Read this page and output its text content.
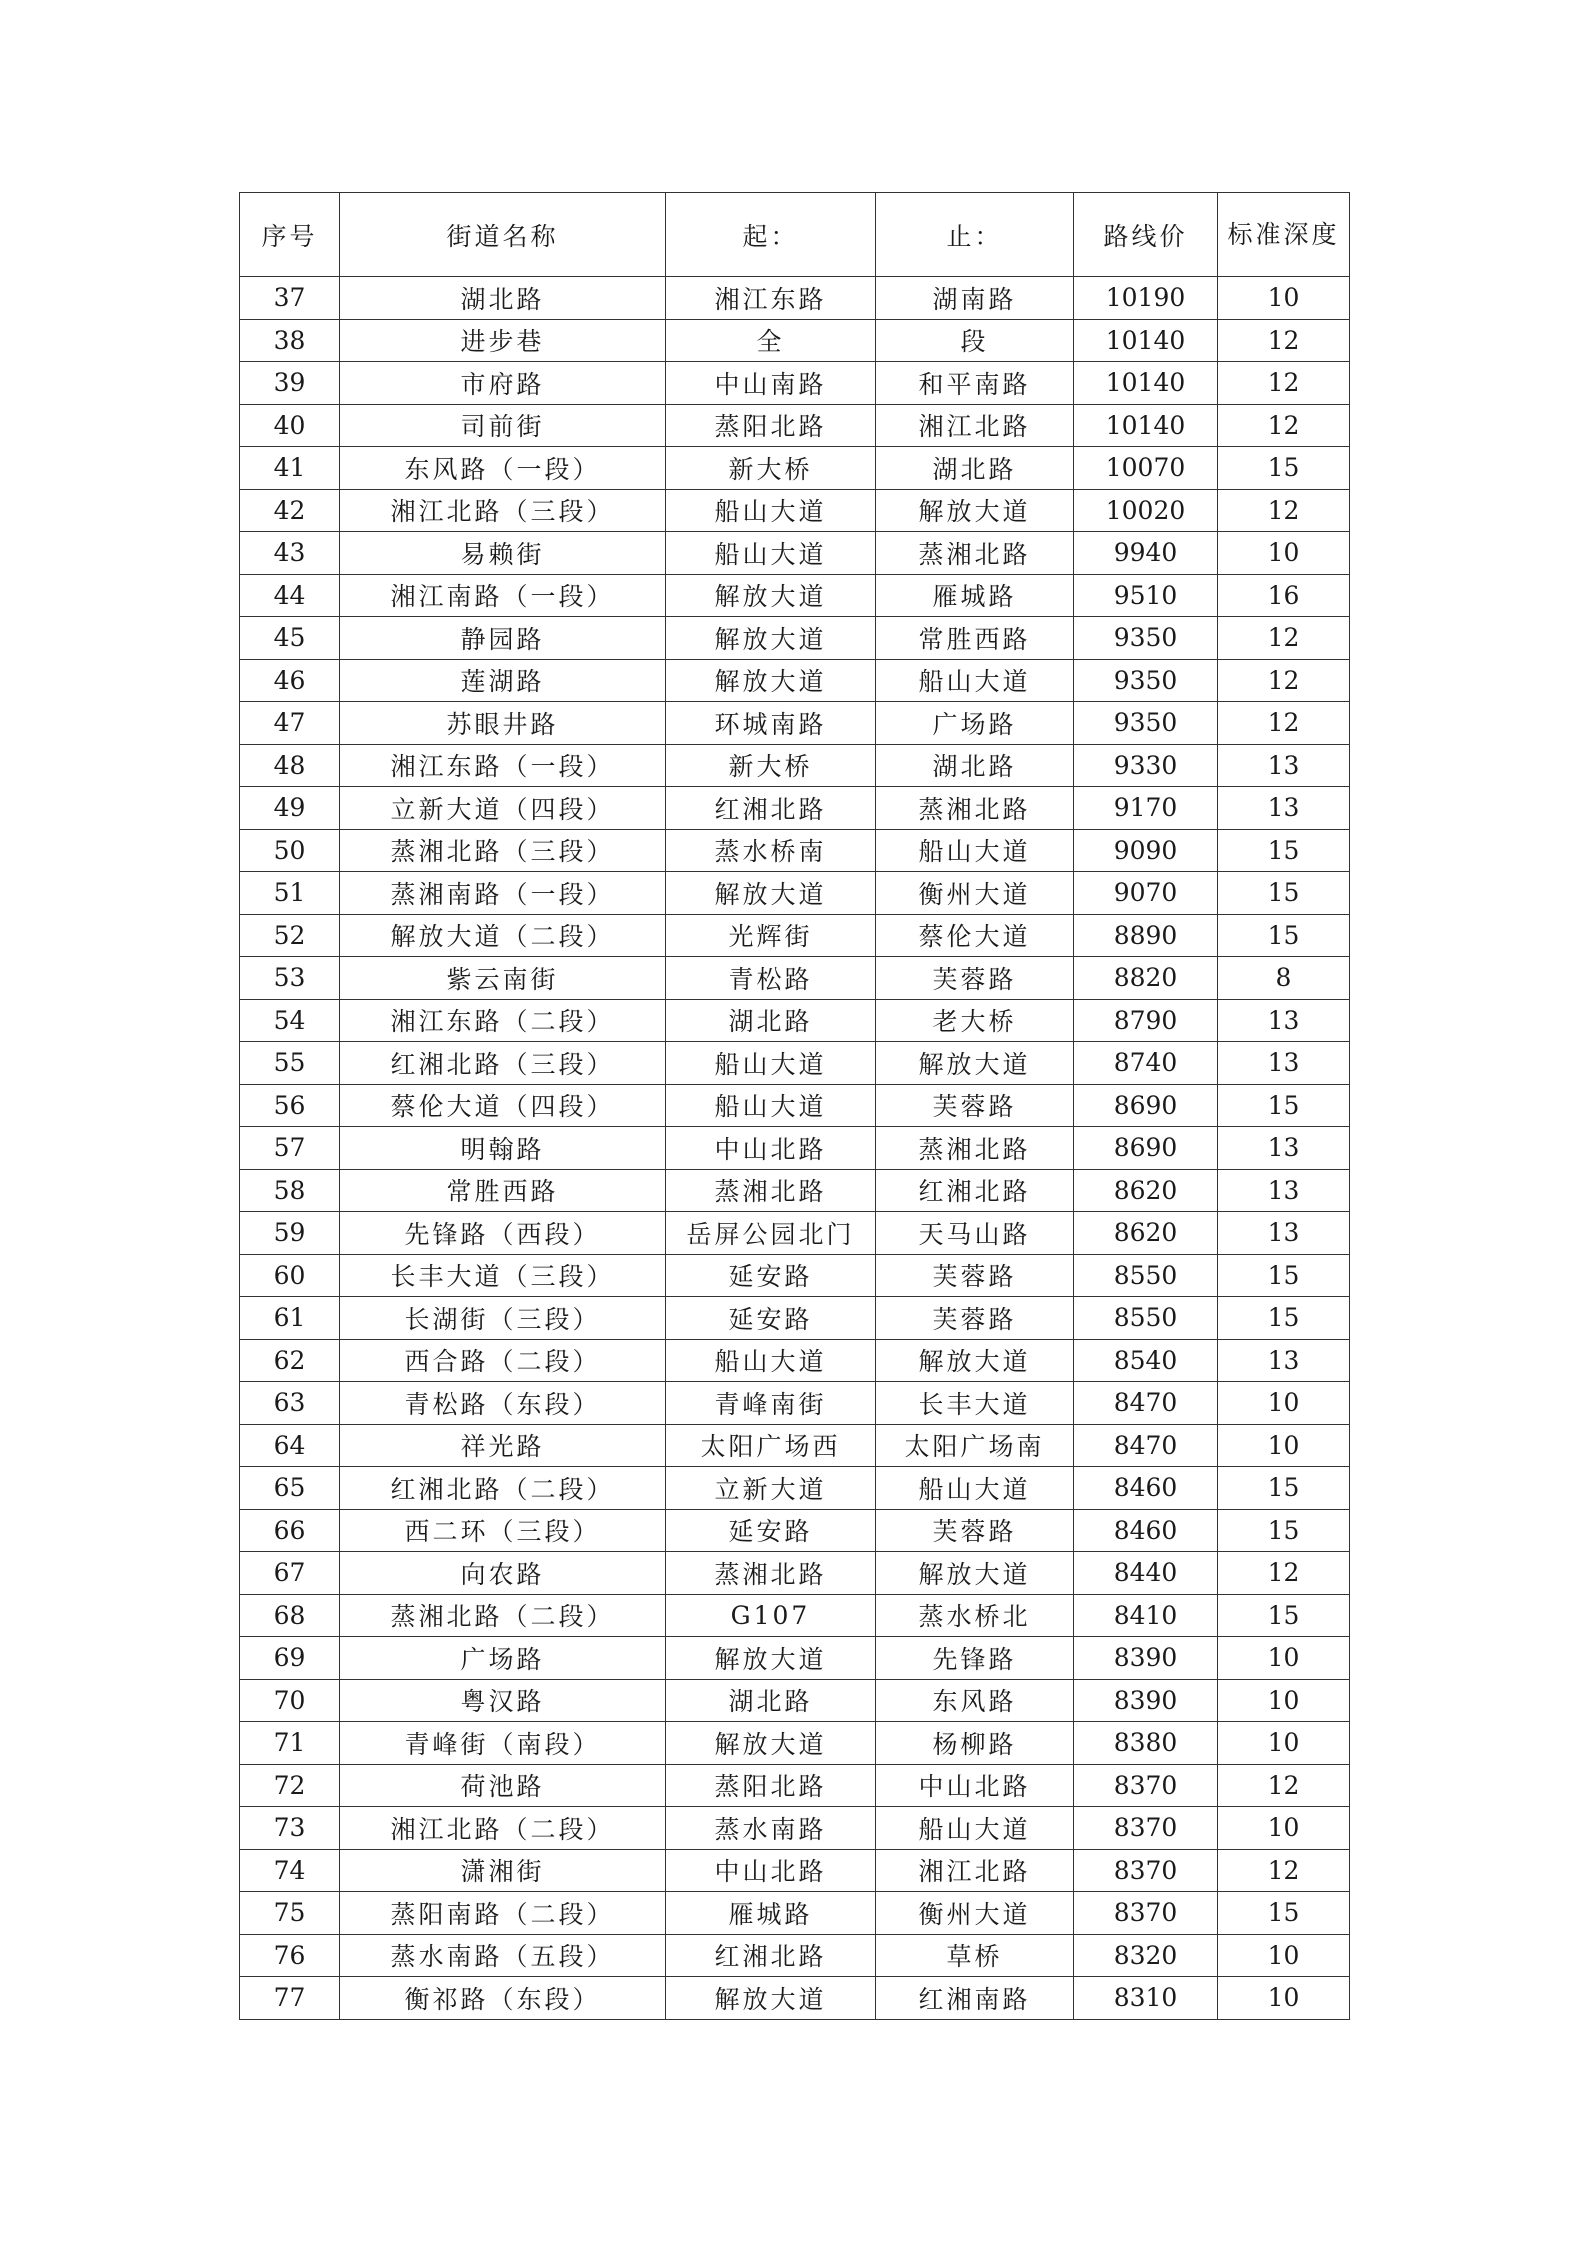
序号	街道名称	起：	止：	路线价	标准深度
37	湖北路	湘江东路	湖南路	10190	10
38	进步巷	全	段	10140	12
39	市府路	中山南路	和平南路	10140	12
40	司前街	蒸阳北路	湘江北路	10140	12
41	东风路（一段）	新大桥	湖北路	10070	15
42	湘江北路（三段）	船山大道	解放大道	10020	12
43	易赖街	船山大道	蒸湘北路	9940	10
44	湘江南路（一段）	解放大道	雁城路	9510	16
45	静园路	解放大道	常胜西路	9350	12
46	莲湖路	解放大道	船山大道	9350	12
47	苏眼井路	环城南路	广场路	9350	12
48	湘江东路（一段）	新大桥	湖北路	9330	13
49	立新大道（四段）	红湘北路	蒸湘北路	9170	13
50	蒸湘北路（三段）	蒸水桥南	船山大道	9090	15
51	蒸湘南路（一段）	解放大道	衡州大道	9070	15
52	解放大道（二段）	光辉街	蔡伦大道	8890	15
53	紫云南街	青松路	芙蓉路	8820	8
54	湘江东路（二段）	湖北路	老大桥	8790	13
55	红湘北路（三段）	船山大道	解放大道	8740	13
56	蔡伦大道（四段）	船山大道	芙蓉路	8690	15
57	明翰路	中山北路	蒸湘北路	8690	13
58	常胜西路	蒸湘北路	红湘北路	8620	13
59	先锋路（西段）	岳屏公园北门	天马山路	8620	13
60	长丰大道（三段）	延安路	芙蓉路	8550	15
61	长湖街（三段）	延安路	芙蓉路	8550	15
62	西合路（二段）	船山大道	解放大道	8540	13
63	青松路（东段）	青峰南街	长丰大道	8470	10
64	祥光路	太阳广场西	太阳广场南	8470	10
65	红湘北路（二段）	立新大道	船山大道	8460	15
66	西二环（三段）	延安路	芙蓉路	8460	15
67	向农路	蒸湘北路	解放大道	8440	12
68	蒸湘北路（二段）	G107	蒸水桥北	8410	15
69	广场路	解放大道	先锋路	8390	10
70	粤汉路	湖北路	东风路	8390	10
71	青峰街（南段）	解放大道	杨柳路	8380	10
72	荷池路	蒸阳北路	中山北路	8370	12
73	湘江北路（二段）	蒸水南路	船山大道	8370	10
74	潇湘街	中山北路	湘江北路	8370	12
75	蒸阳南路（二段）	雁城路	衡州大道	8370	15
76	蒸水南路（五段）	红湘北路	草桥	8320	10
77	衡祁路（东段）	解放大道	红湘南路	8310	10
